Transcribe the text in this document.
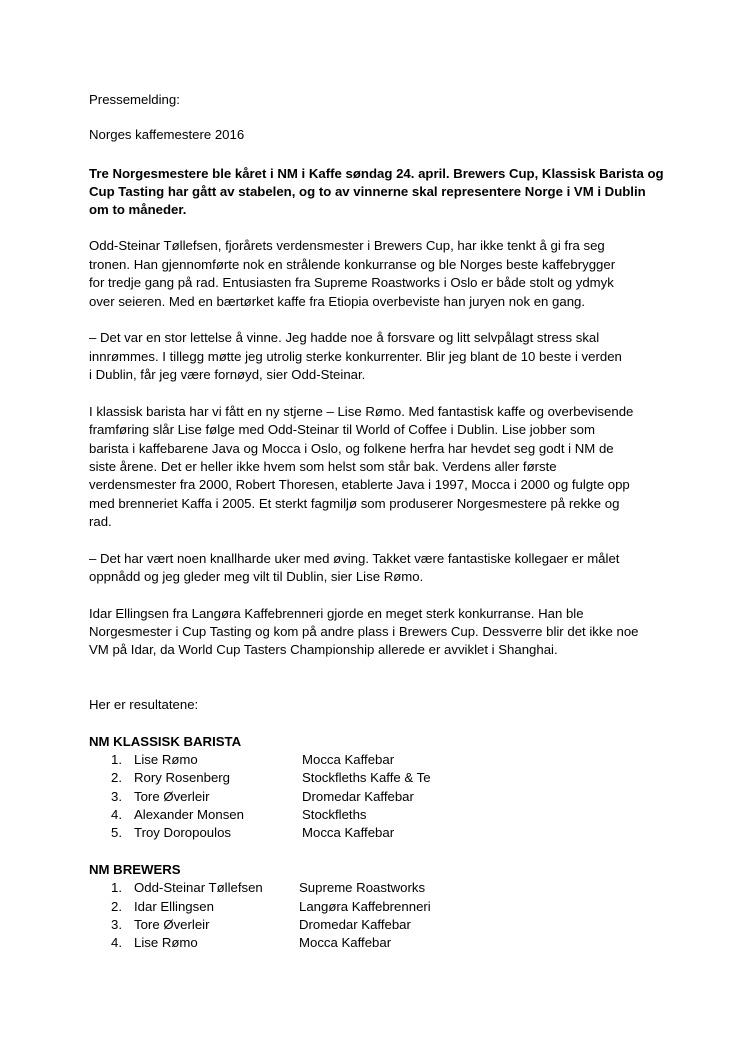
Pressemelding:
Norges kaffemestere 2016
Tre Norgesmestere ble kåret i NM i Kaffe søndag 24. april. Brewers Cup, Klassisk Barista og
Cup Tasting har gått av stabelen, og to av vinnerne skal representere Norge i VM i Dublin
om to måneder.
Odd-Steinar Tøllefsen, fjorårets verdensmester i Brewers Cup, har ikke tenkt å gi fra seg
tronen. Han gjennomførte nok en strålende konkurranse og ble Norges beste kaffebrygger
for tredje gang på rad. Entusiasten fra Supreme Roastworks i Oslo er både stolt og ydmyk
over seieren. Med en bærtørket kaffe fra Etiopia overbeviste han juryen nok en gang.
– Det var en stor lettelse å vinne. Jeg hadde noe å forsvare og litt selvpålagt stress skal
innrømmes. I tillegg møtte jeg utrolig sterke konkurrenter. Blir jeg blant de 10 beste i verden
i Dublin, får jeg være fornøyd, sier Odd-Steinar.
I klassisk barista har vi fått en ny stjerne – Lise Rømo. Med fantastisk kaffe og overbevisende
framføring slår Lise følge med Odd-Steinar til World of Coffee i Dublin. Lise jobber som
barista i kaffebarene Java og Mocca i Oslo, og folkene herfra har hevdet seg godt i NM de
siste årene. Det er heller ikke hvem som helst som står bak. Verdens aller første
verdensmester fra 2000, Robert Thoresen, etablerte Java i 1997, Mocca i 2000 og fulgte opp
med brenneriet Kaffa i 2005. Et sterkt fagmiljø som produserer Norgesmestere på rekke og
rad.
– Det har vært noen knallharde uker med øving. Takket være fantastiske kollegaer er målet
oppnådd og jeg gleder meg vilt til Dublin, sier Lise Rømo.
Idar Ellingsen fra Langøra Kaffebrenneri gjorde en meget sterk konkurranse. Han ble
Norgesmester i Cup Tasting og kom på andre plass i Brewers Cup. Dessverre blir det ikke noe
VM på Idar, da World Cup Tasters Championship allerede er avviklet i Shanghai.
Her er resultatene:
NM KLASSISK BARISTA
1. Lise Rømo	Mocca Kaffebar
2. Rory Rosenberg	Stockfleths Kaffe & Te
3. Tore Øverleir	Dromedar Kaffebar
4. Alexander Monsen	Stockfleths
5. Troy Doropoulos	Mocca Kaffebar
NM BREWERS
1. Odd-Steinar Tøllefsen	Supreme Roastworks
2. Idar Ellingsen	Langøra Kaffebrenneri
3. Tore Øverleir	Dromedar Kaffebar
4. Lise Rømo	Mocca Kaffebar
